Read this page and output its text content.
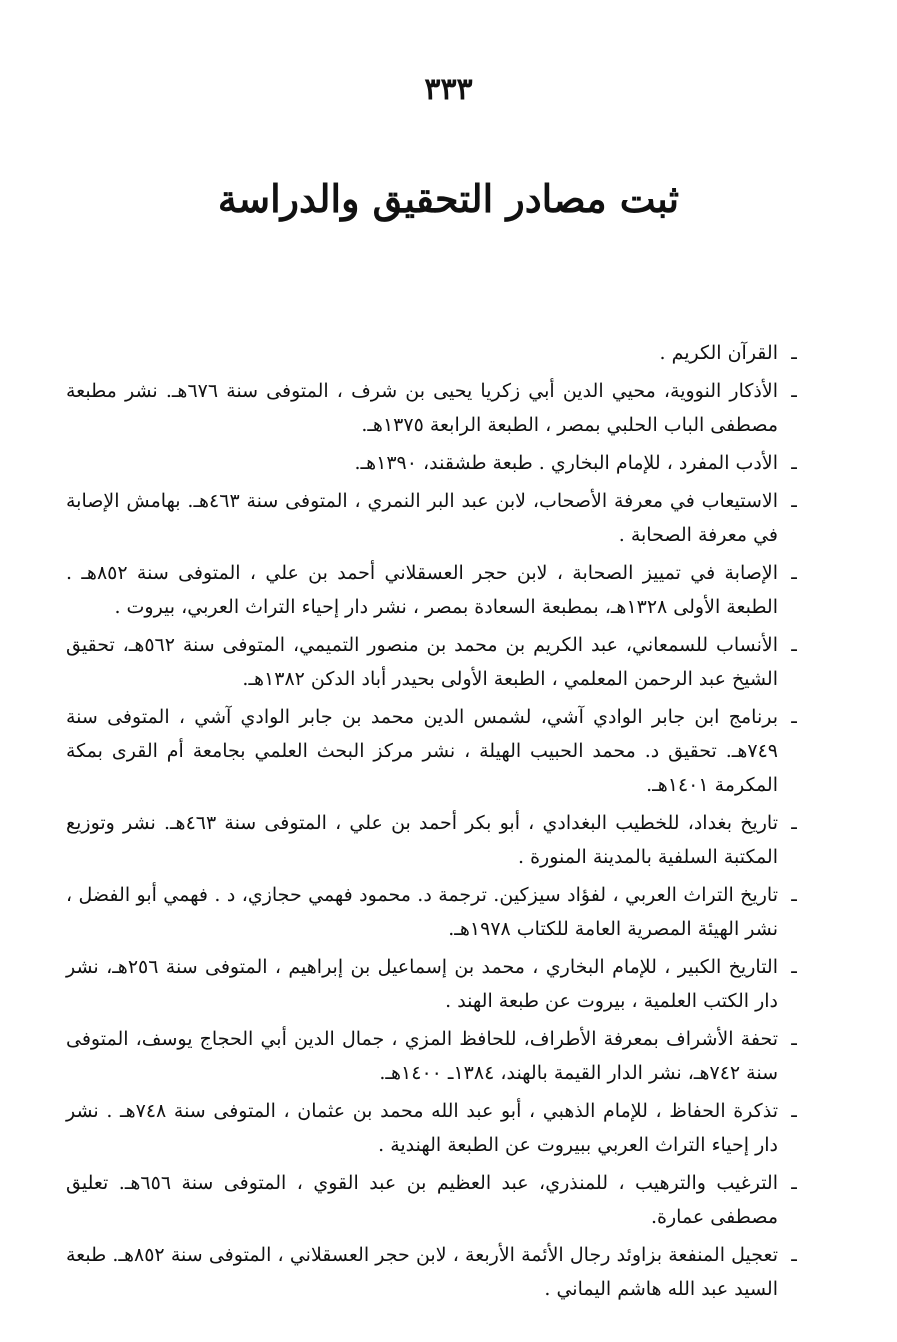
٣٣٣
ثبت مصادر التحقيق والدراسة
ـ
القرآن الكريم .
ـ
الأذكار النووية، محيي الدين أبي زكريا يحيى بن شرف ، المتوفى سنة ٦٧٦هـ. نشر مطبعة مصطفى الباب الحلبي بمصر ، الطبعة الرابعة ١٣٧٥هـ.
ـ
الأدب المفرد ، للإمام البخاري . طبعة طشقند، ١٣٩٠هـ.
ـ
الاستيعاب في معرفة الأصحاب، لابن عبد البر النمري ، المتوفى سنة ٤٦٣هـ. بهامش الإصابة في معرفة الصحابة .
ـ
الإصابة في تمييز الصحابة ، لابن حجر العسقلاني أحمد بن علي ، المتوفى سنة ٨٥٢هـ . الطبعة الأولى ١٣٢٨هـ، بمطبعة السعادة بمصر ، نشر دار إحياء التراث العربي، بيروت .
ـ
الأنساب للسمعاني، عبد الكريم بن محمد بن منصور التميمي، المتوفى سنة ٥٦٢هـ، تحقيق الشيخ عبد الرحمن المعلمي ، الطبعة الأولى بحيدر أباد الدكن ١٣٨٢هـ.
ـ
برنامج ابن جابر الوادي آشي، لشمس الدين محمد بن جابر الوادي آشي ، المتوفى سنة ٧٤٩هـ. تحقيق د. محمد الحبيب الهيلة ، نشر مركز البحث العلمي بجامعة أم القرى بمكة المكرمة ١٤٠١هـ.
ـ
تاريخ بغداد، للخطيب البغدادي ، أبو بكر أحمد بن علي ، المتوفى سنة ٤٦٣هـ. نشر وتوزيع المكتبة السلفية بالمدينة المنورة .
ـ
تاريخ التراث العربي ، لفؤاد سيزكين. ترجمة د. محمود فهمي حجازي، د . فهمي أبو الفضل ، نشر الهيئة المصرية العامة للكتاب ١٩٧٨هـ.
ـ
التاريخ الكبير ، للإمام البخاري ، محمد بن إسماعيل بن إبراهيم ، المتوفى سنة ٢٥٦هـ، نشر دار الكتب العلمية ، بيروت عن طبعة الهند .
ـ
تحفة الأشراف بمعرفة الأطراف، للحافظ المزي ، جمال الدين أبي الحجاج يوسف، المتوفى سنة ٧٤٢هـ، نشر الدار القيمة بالهند، ١٣٨٤ـ ١٤٠٠هـ.
ـ
تذكرة الحفاظ ، للإمام الذهبي ، أبو عبد الله محمد بن عثمان ، المتوفى سنة ٧٤٨هـ . نشر دار إحياء التراث العربي ببيروت عن الطبعة الهندية .
ـ
الترغيب والترهيب ، للمنذري، عبد العظيم بن عبد القوي ، المتوفى سنة ٦٥٦هـ. تعليق مصطفى عمارة.
ـ
تعجيل المنفعة بزاوئد رجال الأئمة الأربعة ، لابن حجر العسقلاني ، المتوفى سنة ٨٥٢هـ. طبعة السيد عبد الله هاشم اليماني .
